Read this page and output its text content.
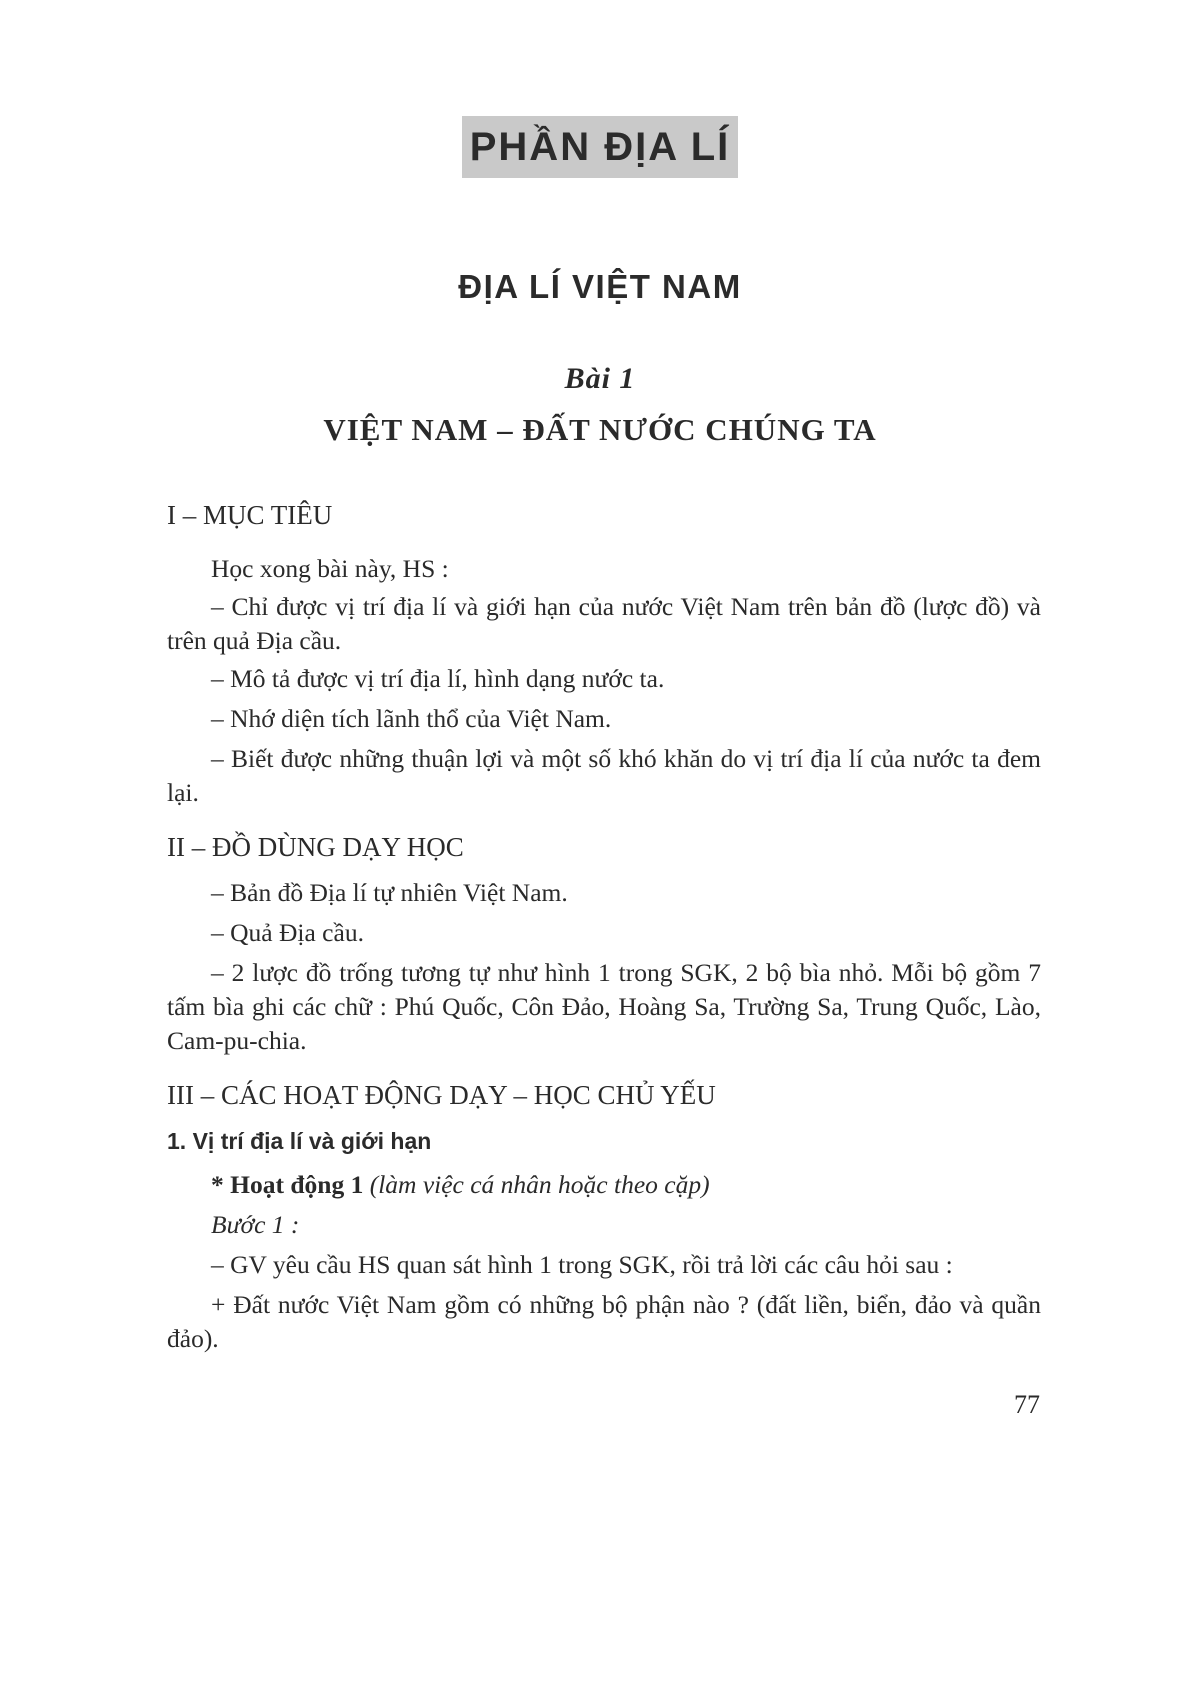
PHẦN ĐỊA LÍ
ĐỊA LÍ VIỆT NAM
Bài 1
VIỆT NAM – ĐẤT NƯỚC CHÚNG TA
I – MỤC TIÊU
Học xong bài này, HS :
– Chỉ được vị trí địa lí và giới hạn của nước Việt Nam trên bản đồ (lược đồ) và trên quả Địa cầu.
– Mô tả được vị trí địa lí, hình dạng nước ta.
– Nhớ diện tích lãnh thổ của Việt Nam.
– Biết được những thuận lợi và một số khó khăn do vị trí địa lí của nước ta đem lại.
II – ĐỒ DÙNG DẠY HỌC
– Bản đồ Địa lí tự nhiên Việt Nam.
– Quả Địa cầu.
– 2 lược đồ trống tương tự như hình 1 trong SGK, 2 bộ bìa nhỏ. Mỗi bộ gồm 7 tấm bìa ghi các chữ : Phú Quốc, Côn Đảo, Hoàng Sa, Trường Sa, Trung Quốc, Lào, Cam-pu-chia.
III – CÁC HOẠT ĐỘNG DẠY – HỌC CHỦ YẾU
1. Vị trí địa lí và giới hạn
* Hoạt động 1 (làm việc cá nhân hoặc theo cặp)
Bước 1 :
– GV yêu cầu HS quan sát hình 1 trong SGK, rồi trả lời các câu hỏi sau :
+ Đất nước Việt Nam gồm có những bộ phận nào ? (đất liền, biển, đảo và quần đảo).
77
